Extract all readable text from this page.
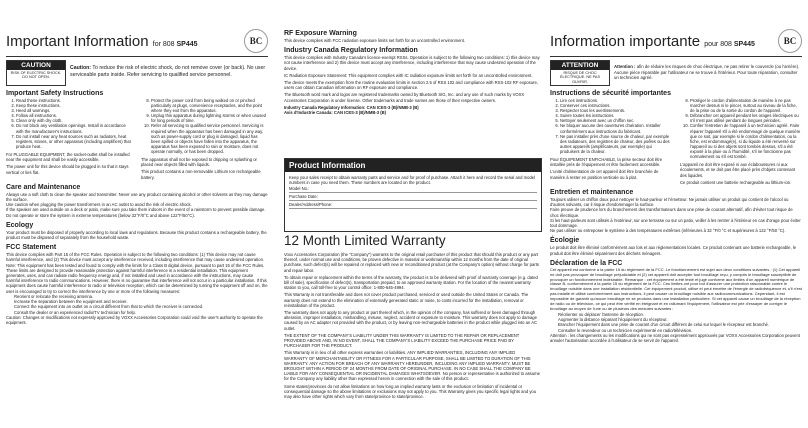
Important Information for 808 SP445	BC
CAUTION
RISK OF ELECTRIC SHOCK. DO NOT OPEN.

Caution: To reduce the risk of electric shock, do not remove cover (or back). No user serviceable parts inside. Refer servicing to qualified service personnel.

Important Safety Instructions
1. Read these instructions.
2. Keep these instructions.
3. Heed all warnings.
4. Follow all instructions.
5. Clean only with dry cloth.
6. Do not block any ventilation openings. Install in accordance with the manufacturer's instructions.
7. Do not install near any heat sources such as radiators, heat registers, stoves, or other apparatus (including amplifiers) that produce heat.

For PLUGGABLE EQUIPMENT, the socket-outlet shall be installed near the equipment and shall be easily accessible.

The power unit for this device should be plugged in so that it stays vertical or lies flat.

8. Protect the power cord from being walked on or pinched particularly at plugs, convenience receptacles, and the point where they exit from the apparatus.
9. Unplug this apparatus during lightning storms or when unused for long periods of time.
10. Refer all servicing to qualified service personnel. Servicing is required when the apparatus has been damaged in any way, such as power-supply cord or plug is damaged, liquid has been spilled or objects have fallen into the apparatus, the apparatus has been exposed to rain or moisture, does not operate normally, or has been dropped.

The apparatus shall not be exposed to dripping or splashing or placed near objects filled with liquids.

This product contains a non-removable Lithium Ion rechargeable battery.

Care and Maintenance

Always use a soft cloth to clean the speaker and transmitter. Never use any product containing alcohol or other solvents as they may damage the surface.

Use caution when plugging the power transformers in an AC outlet to avoid the risk of electric shock.

If the speaker are used outside on a deck or patio, make sure you take them indoors in the event of a rainstorm to prevent possible damage.

Do not operate or store the system in extreme temperatures (below 32°F/0°C and above 122°F/50°C).

Ecology

Your product must be disposed of properly according to local laws and regulations. Because this product contains a rechargeable battery, the product must be disposed of separately from the household waste.

FCC Statement

This device complies with Part 15 of the FCC Rules. Operation is subject to the following two conditions: (1) This device may not cause harmful interference, and (2) This device must accept any interference received, including interference that may cause undesired operation. Note: This equipment has been tested and found to comply with the limits for a Class B digital device, pursuant to part 15 of the FCC Rules. These limits are designed to provide reasonable protection against harmful interference in a residential installation. This equipment generates, uses, and can radiate radio frequency energy and, if not installed and used in accordance with the instructions, may cause harmful interference to radio communications. However, there is no guarantee that interference will not occur in a particular installation. If this equipment does cause harmful interference to radio or television reception, which can be determined by turning the equipment off and on, the user is encouraged to try to correct the interference by one or more of the following measures:

Reorient or relocate the receiving antenna.

Increase the separation between the equipment and receiver.

Connect the equipment into an outlet on a circuit different from that to which the receiver is connected.

Consult the dealer or an experienced radio/TV technician for help.

Caution: Changes or modifications not expressly approved by VOXX Accessories Corporation could void the user's authority to operate the equipment.

RF Exposure Warning

This device complies with FCC radiation exposure limits set forth for an uncontrolled environment.

Industry Canada Regulatory Information

This device complies with Industry Canada's licence-exempt RSSs. Operation is subject to the following two conditions: 1) this device may not cause interference and 2) this device must accept any interference, including interference that may cause undesired operation of the device.

IC Radiation Exposure Statement: This equipment complies with IC radiation exposure limits set forth for an uncontrolled environment.

The device meets the exemption from the routine evaluation limits in section 2.5 of RSS 102 and compliance with RSS-102 RF exposure, users can obtain Canadian information on RF exposure and compliance.

The Bluetooth word mark and logos are registered trademarks owned by Bluetooth SIG, Inc. and any use of such marks by VOXX Accessories Corporation is under license. Other trademarks and trade names are those of their respective owners.

Industry Canada Regulatory Information: CAN ICES-3 (B)/NMB-3 (B)

Avis d'Industrie Canada: CAN ICES-3 (B)/NMB-3 (B)

Product Information

Keep your sales receipt to obtain warranty parts and service and for proof of purchase. Attach it here and record the serial and model numbers in case you need them. These numbers are located on the product.

Model No.:
Purchase Date:
Dealer/Address/Phone:
12 Month Limited Warranty

Voxx Accessories Corporation (the "Company") warrants to the original retail purchaser of this product that should this product or any part thereof, under normal use and conditions, be proven defective in material or workmanship within 12 months from the date of original purchase, such defect(s) will be repaired or replaced with new or reconditioned product (at the Company's option) without charge for parts and repair labor.

To obtain repair or replacement within the terms of the warranty, the product is to be delivered with proof of warranty coverage (e.g. dated bill of sale), specification of defect(s), transportation prepaid, to an approved warranty station. For the location of the nearest warranty station to you, call toll-free to your control office: 1-800-645-4994.

This Warranty is not transferable and does not cover product purchased, serviced or used outside the United States or Canada. The warranty does not extend to the elimination of externally generated static or noise, to costs incurred for the installation, removal or reinstallation of the product.

The warranty does not apply to any product or part thereof which, in the opinion of the company, has suffered or been damaged through alteration, improper installation, mishandling, misuse, neglect, accident or exposure to moisture. This warranty does not apply to damage caused by an AC adapter not provided with the product, or by leaving non-rechargeable batteries in the product while plugged into an AC outlet.

THE EXTENT OF THE COMPANY'S LIABILITY UNDER THIS WARRANTY IS LIMITED TO THE REPAIR OR REPLACEMENT PROVIDED ABOVE AND, IN NO EVENT, SHALL THE COMPANY'S LIABILITY EXCEED THE PURCHASE PRICE PAID BY PURCHASER FOR THE PRODUCT.

This Warranty is in lieu of all other express warranties or liabilities. ANY IMPLIED WARRANTIES, INCLUDING ANY IMPLIED WARRANTY OF MERCHANTABILITY OR FITNESS FOR A PARTICULAR PURPOSE, SHALL BE LIMITED TO DURATION OF THIS WARRANTY. ANY ACTION FOR BREACH OF ANY WARRANTY HEREUNDER, INCLUDING ANY IMPLIED WARRANTY, MUST BE BROUGHT WITHIN A PERIOD OF 24 MONTHS FROM DATE OF ORIGINAL PURCHASE. IN NO CASE SHALL THE COMPANY BE LIABLE FOR ANY CONSEQUENTIAL OR INCIDENTAL DAMAGES WHATSOEVER. No person or representative is authorized to assume for the Company any liability other than expressed herein in connection with the sale of this product.

Some states/provinces do not allow limitations on how long an implied warranty lasts or the exclusion or limitation of incidental or consequential damage so the above limitations or exclusions may not apply to you. This Warranty gives you specific legal rights and you may also have other rights which vary from state/province to state/province.

Information importante pour 808 SP445	BC
ATTENTION
RISQUE DE CHOC ÉLECTRIQUE. NE PAS OUVRIR.

Attention : afin de réduire les risques de choc électrique, ne pas retirer le couvercle (ou l'arrière). Aucune pièce réparable par l'utilisateur ne se trouve à l'intérieur. Pour toute réparation, consulter un technicien agréé.

Instructions de sécurité importantes
1. Lire ces instructions.
2. Conserver ces instructions.
3. Respecter tous les avertissements.
4. Suivre toutes les instructions.
5. Nettoyer seulement avec un chiffon sec.
6. Ne bloquer aucune des ouvertures d'aération. Installer conformément aux instructions du fabricant.
7. Ne pas installer près d'une source de chaleur, par exemple des radiateurs, des registres de chaleur, des poêles ou des autres appareils (amplificateurs, par exemple) qui produisent de la chaleur.

Pour ÉQUIPEMENT ENFICHABLE, la prise secteur doit être installée près de l'équipement et être facilement accessible.

L'unité d'alimentation de cet appareil doit être branchée de manière à rester en position verticale ou à plat.

8. Protéger le cordon d'alimentation de manière à ne pas marcher dessus ni le pincer, surtout au niveau de la fiche, de la prise ou de la sortie du cordon de l'appareil.
9. Débrancher cet appareil pendant les orages électriques ou s'il n'est pas utilisé pendant de longues périodes.
10. Confier l'entretien de l'appareil à un technicien agréé. Faire réparer l'appareil s'il a été endommagé de quelque manière que ce soit, par exemple si le cordon d'alimentation, ou la fiche, est endommagé(e), si du liquide a été renversé sur l'appareil ou si des objets sont tombés dessus, s'il a été exposé à la pluie ou à l'humidité, s'il ne fonctionne pas normalement ou s'il est tombé.

L'appareil ne doit être exposé ni aux éclaboussures ni aux écoulements, et ne doit pas être placé près d'objets contenant des liquides.

Ce produit contient une batterie rechargeable au lithium-ion.

Entretien et maintenance

Toujours utiliser un chiffon doux pour nettoyer le haut-parleur et l'émetteur. Ne jamais utiliser un produit qui contient de l'alcool ou d'autres solvants, car il risque d'endommager la surface.

Faire preuve de prudence lors du branchement des transformateurs dans une prise de courant alternatif, afin d'éviter tout risque de choc électrique.

Si les haut-parleurs sont utilisés à l'extérieur, sur une terrasse ou sur un patio, veiller à les rentrer à l'intérieur en cas d'orage pour éviter tout dommage.

Ne pas utiliser ou entreposer le système à des températures extrêmes (inférieures à 32 °F/0 °C et supérieures à 122 °F/50 °C).

Écologie

Le produit doit être éliminé conformément aux lois et aux réglementations locales. Ce produit contenant une batterie rechargeable, le produit doit être éliminé séparément des déchets ménagers.

Déclaration de la FCC

Cet appareil est conforme à la partie 15 du règlement de la FCC. Le fonctionnement est sujet aux deux conditions suivantes : (1) Cet appareil ne doit pas provoquer de brouillage préjudiciable et (2) cet appareil doit accepter tout brouillage reçu, y compris le brouillage susceptible de provoquer un fonctionnement indésirable. Remarque : cet équipement a été testé et jugé conforme aux limites d'un appareil numérique de classe B, conformément à la partie 15 du règlement de la FCC. Ces limites ont pour but d'assurer une protection raisonnable contre le brouillage nuisible dans une installation résidentielle. Cet équipement produit, utilise et peut émettre de l'énergie de radiofréquence et, s'il n'est pas installé et utilisé conformément aux instructions, il peut causer un brouillage nuisible aux radiocommunications. Cependant, il est impossible de garantir qu'aucun brouillage ne se produira dans une installation particulière. Si cet appareil cause un brouillage de la réception de radio ou de télévision, ce qui peut être vérifié en éteignant et en rallumant l'équipement, l'utilisateur est prié d'essayer de corriger le brouillage au moyen de l'une ou de plusieurs des mesures suivantes :

Réorienter ou déplacer l'antenne de réception.

Augmenter la distance séparant l'équipement du récepteur.

Brancher l'équipement dans une prise de courant d'un circuit différent de celui sur lequel le récepteur est branché.

Consulter le revendeur ou un technicien expérimenté en radio/télévision.

Attention : les changements ou les modifications qui ne sont pas expressément approuvés par VOXX Accessories Corporation peuvent annuler l'autorisation accordée à l'utilisateur de se servir de l'appareil.
